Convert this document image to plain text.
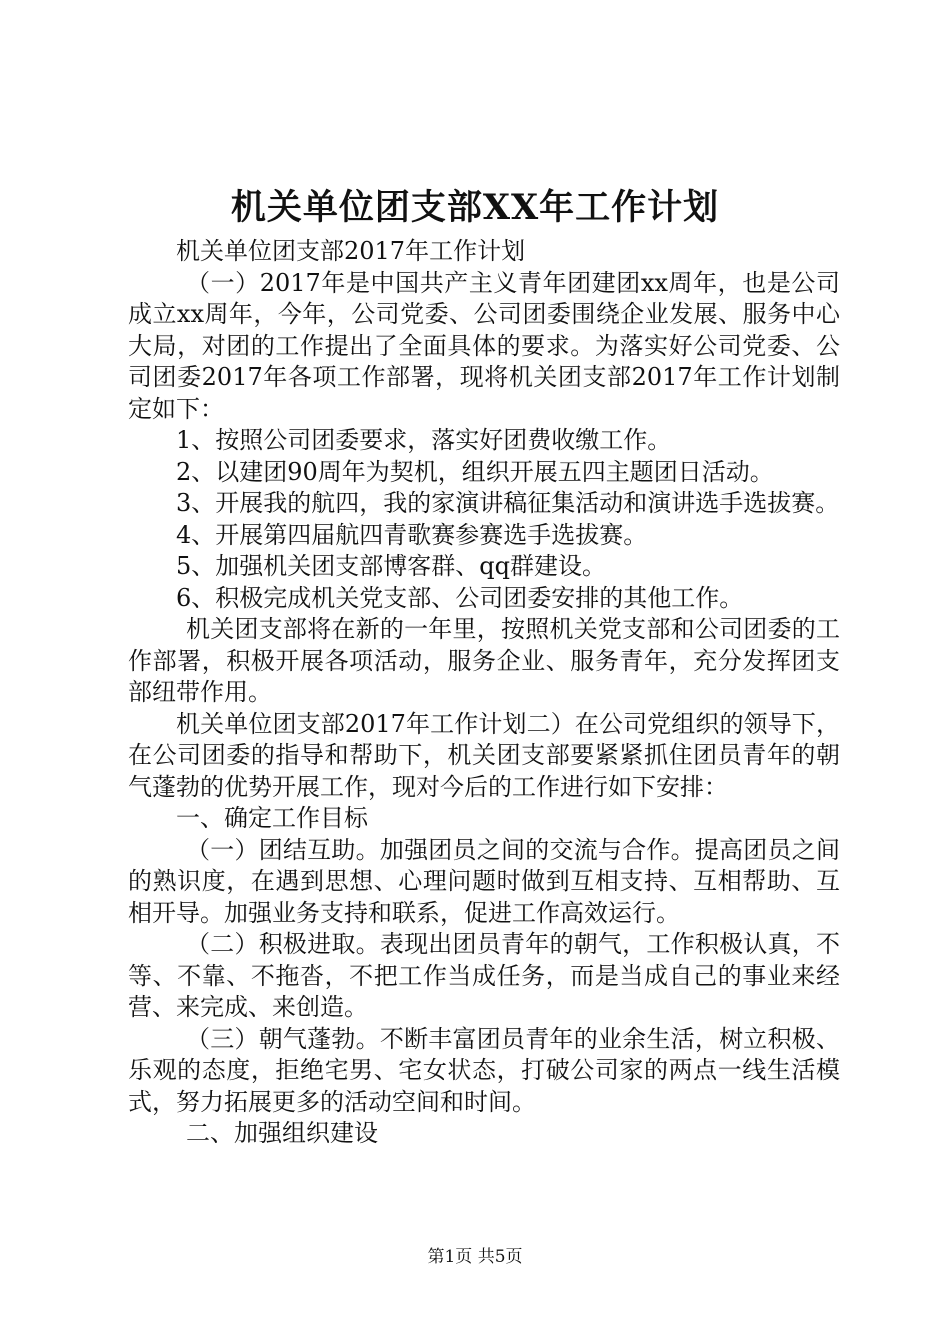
机关单位团支部XX年工作计划

机关单位团支部2017年工作计划

（一）2017年是中国共产主义青年团建团xx周年，也是公司成立xx周年，今年，公司党委、公司团委围绕企业发展、服务中心大局，对团的工作提出了全面具体的要求。为落实好公司党委、公司团委2017年各项工作部署，现将机关团支部2017年工作计划制定如下：

1、按照公司团委要求，落实好团费收缴工作。

2、以建团90周年为契机，组织开展五四主题团日活动。

3、开展我的航四，我的家演讲稿征集活动和演讲选手选拔赛。

4、开展第四届航四青歌赛参赛选手选拔赛。

5、加强机关团支部博客群、qq群建设。

6、积极完成机关党支部、公司团委安排的其他工作。

机关团支部将在新的一年里，按照机关党支部和公司团委的工作部署，积极开展各项活动，服务企业、服务青年，充分发挥团支部纽带作用。

机关单位团支部2017年工作计划二）在公司党组织的领导下，在公司团委的指导和帮助下，机关团支部要紧紧抓住团员青年的朝气蓬勃的优势开展工作，现对今后的工作进行如下安排：

一、确定工作目标

（一）团结互助。加强团员之间的交流与合作。提高团员之间的熟识度，在遇到思想、心理问题时做到互相支持、互相帮助、互相开导。加强业务支持和联系，促进工作高效运行。

（二）积极进取。表现出团员青年的朝气，工作积极认真，不等、不靠、不拖沓，不把工作当成任务，而是当成自己的事业来经营、来完成、来创造。

（三）朝气蓬勃。不断丰富团员青年的业余生活，树立积极、乐观的态度，拒绝宅男、宅女状态，打破公司家的两点一线生活模式，努力拓展更多的活动空间和时间。

二、加强组织建设

第1页 共5页
